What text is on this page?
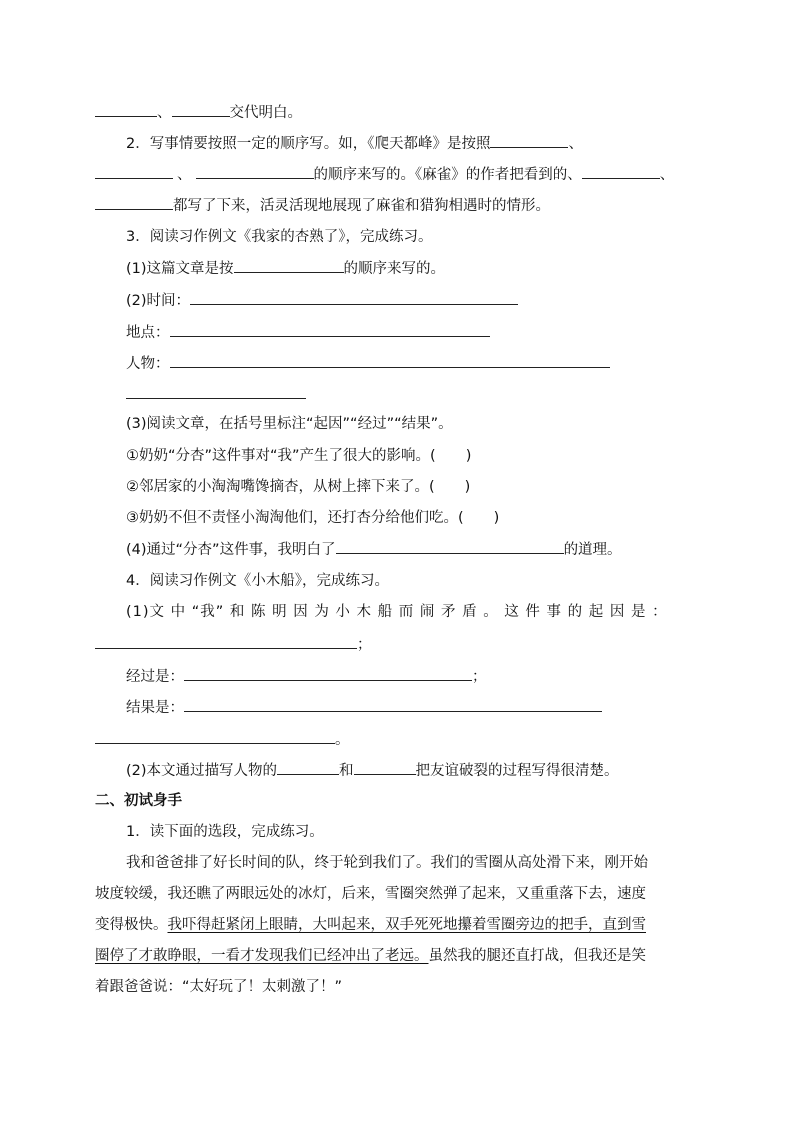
、	交代明白。
2．写事情要按照一定的顺序写。如，《爬天都峰》是按照	、
、	的顺序来写的。《麻雀》的作者把看到的、	、
都写了下来，活灵活现地展现了麻雀和猎狗相遇时的情形。
3．阅读习作例文《我家的杏熟了》，完成练习。
(1)这篇文章是按	的顺序来写的。
(2)时间：
地点：
人物：
(3)阅读文章，在括号里标注“起因”“经过”“结果”。
①奶奶“分杏”这件事对“我”产生了很大的影响。( )
②邻居家的小淘淘嘴馋摘杏，从树上摔下来了。( )
③奶奶不但不责怪小淘淘他们，还打杏分给他们吃。( )
(4)通过“分杏”这件事，我明白了	的道理。
4．阅读习作例文《小木船》，完成练习。
(1)文 中 “我” 和 陈 明 因 为 小 木 船 而 闹 矛 盾 。 这 件 事 的 起 因 是 ：
；
经过是：	；
结果是：
。
(2)本文通过描写人物的	和	把友谊破裂的过程写得很清楚。
二、初试身手
1．读下面的选段，完成练习。
我和爸爸排了好长时间的队，终于轮到我们了。我们的雪圈从高处滑下来，刚开始
坡度较缓，我还瞧了两眼远处的冰灯，后来，雪圈突然弹了起来，又重重落下去，速度
变得极快。我吓得赶紧闭上眼睛，大叫起来，双手死死地攥着雪圈旁边的把手，直到雪
圈停了才敢睁眼，一看才发现我们已经冲出了老远。虽然我的腿还直打战，但我还是笑
着跟爸爸说：“太好玩了！太刺激了！”
